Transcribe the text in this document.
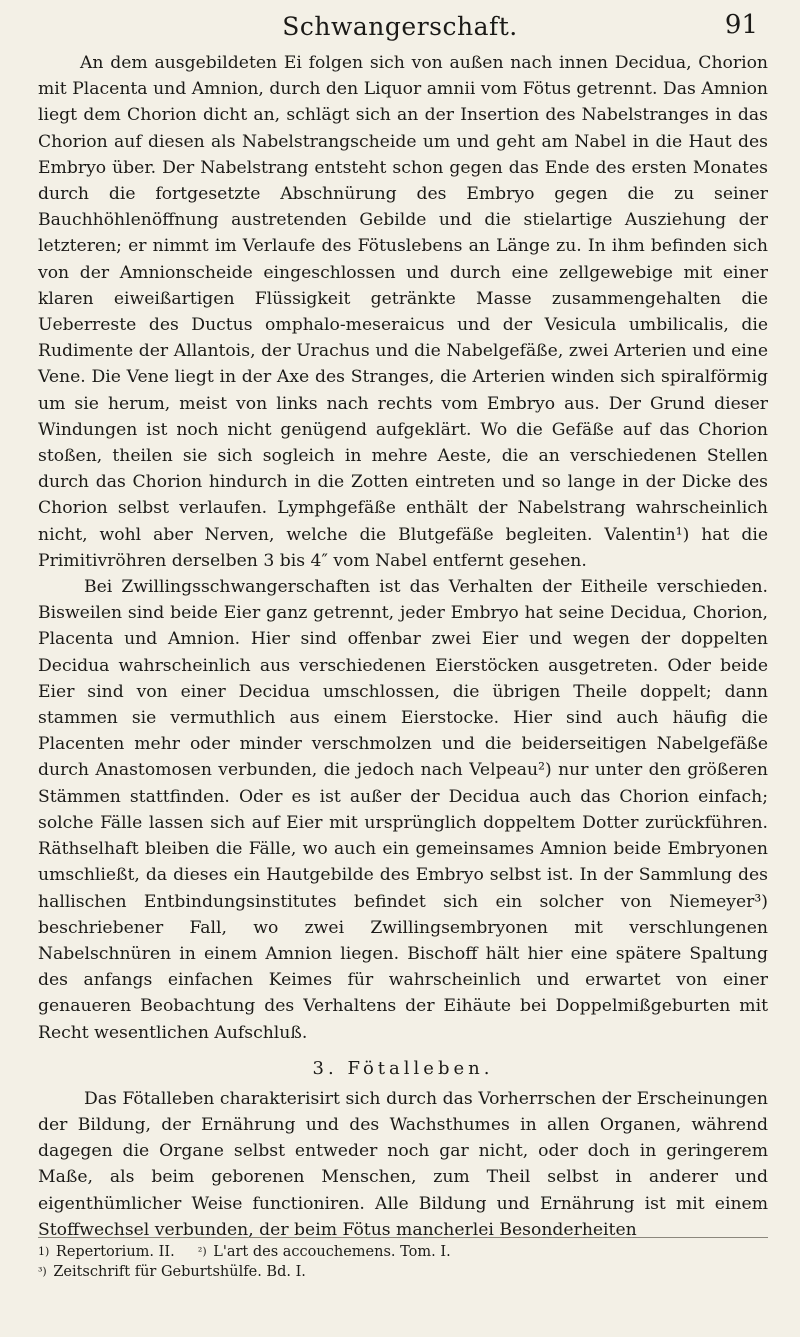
Schwangerschaft.	91

An dem ausgebildeten Ei folgen sich von außen nach innen Decidua, Chorion mit Placenta und Amnion, durch den Liquor amnii vom Fötus getrennt. Das Amnion liegt dem Chorion dicht an, schlägt sich an der Insertion des Nabelstranges in das Chorion auf diesen als Nabelstrangscheide um und geht am Nabel in die Haut des Embryo über. Der Nabelstrang entsteht schon gegen das Ende des ersten Monates durch die fortgesetzte Abschnürung des Embryo gegen die zu seiner Bauchhöhlenöffnung austretenden Gebilde und die stielartige Ausziehung der letzteren; er nimmt im Verlaufe des Fötuslebens an Länge zu. In ihm befinden sich von der Amnionscheide eingeschlossen und durch eine zellgewebige mit einer klaren eiweißartigen Flüssigkeit getränkte Masse zusammengehalten die Ueberreste des Ductus omphalo-meseraicus und der Vesicula umbilicalis, die Rudimente der Allantois, der Urachus und die Nabelgefäße, zwei Arterien und eine Vene. Die Vene liegt in der Axe des Stranges, die Arterien winden sich spiralförmig um sie herum, meist von links nach rechts vom Embryo aus. Der Grund dieser Windungen ist noch nicht genügend aufgeklärt. Wo die Gefäße auf das Chorion stoßen, theilen sie sich sogleich in mehre Aeste, die an verschiedenen Stellen durch das Chorion hindurch in die Zotten eintreten und so lange in der Dicke des Chorion selbst verlaufen. Lymphgefäße enthält der Nabelstrang wahrscheinlich nicht, wohl aber Nerven, welche die Blutgefäße begleiten. Valentin¹) hat die Primitivröhren derselben 3 bis 4″ vom Nabel entfernt gesehen.

Bei Zwillingsschwangerschaften ist das Verhalten der Eitheile verschieden. Bisweilen sind beide Eier ganz getrennt, jeder Embryo hat seine Decidua, Chorion, Placenta und Amnion. Hier sind offenbar zwei Eier und wegen der doppelten Decidua wahrscheinlich aus verschiedenen Eierstöcken ausgetreten. Oder beide Eier sind von einer Decidua umschlossen, die übrigen Theile doppelt; dann stammen sie vermuthlich aus einem Eierstocke. Hier sind auch häufig die Placenten mehr oder minder verschmolzen und die beiderseitigen Nabelgefäße durch Anastomosen verbunden, die jedoch nach Velpeau²) nur unter den größeren Stämmen stattfinden. Oder es ist außer der Decidua auch das Chorion einfach; solche Fälle lassen sich auf Eier mit ursprünglich doppeltem Dotter zurückführen. Räthselhaft bleiben die Fälle, wo auch ein gemeinsames Amnion beide Embryonen umschließt, da dieses ein Hautgebilde des Embryo selbst ist. In der Sammlung des hallischen Entbindungsinstitutes befindet sich ein solcher von Niemeyer³) beschriebener Fall, wo zwei Zwillingsembryonen mit verschlungenen Nabelschnüren in einem Amnion liegen. Bischoff hält hier eine spätere Spaltung des anfangs einfachen Keimes für wahrscheinlich und erwartet von einer genaueren Beobachtung des Verhaltens der Eihäute bei Doppelmißgeburten mit Recht wesentlichen Aufschluß.

3. Fötalleben.

Das Fötalleben charakterisirt sich durch das Vorherrschen der Erscheinungen der Bildung, der Ernährung und des Wachsthumes in allen Organen, während dagegen die Organe selbst entweder noch gar nicht, oder doch in geringerem Maße, als beim geborenen Menschen, zum Theil selbst in anderer und eigenthümlicher Weise functioniren. Alle Bildung und Ernährung ist mit einem Stoffwechsel verbunden, der beim Fötus mancherlei Besonderheiten

$^{1)}$ Repertorium. II. $^{^2)}$ L'art des accouchemens. Tom. I.
$^{^3)}$ Zeitschrift für Geburtshülfe. Bd. I.
